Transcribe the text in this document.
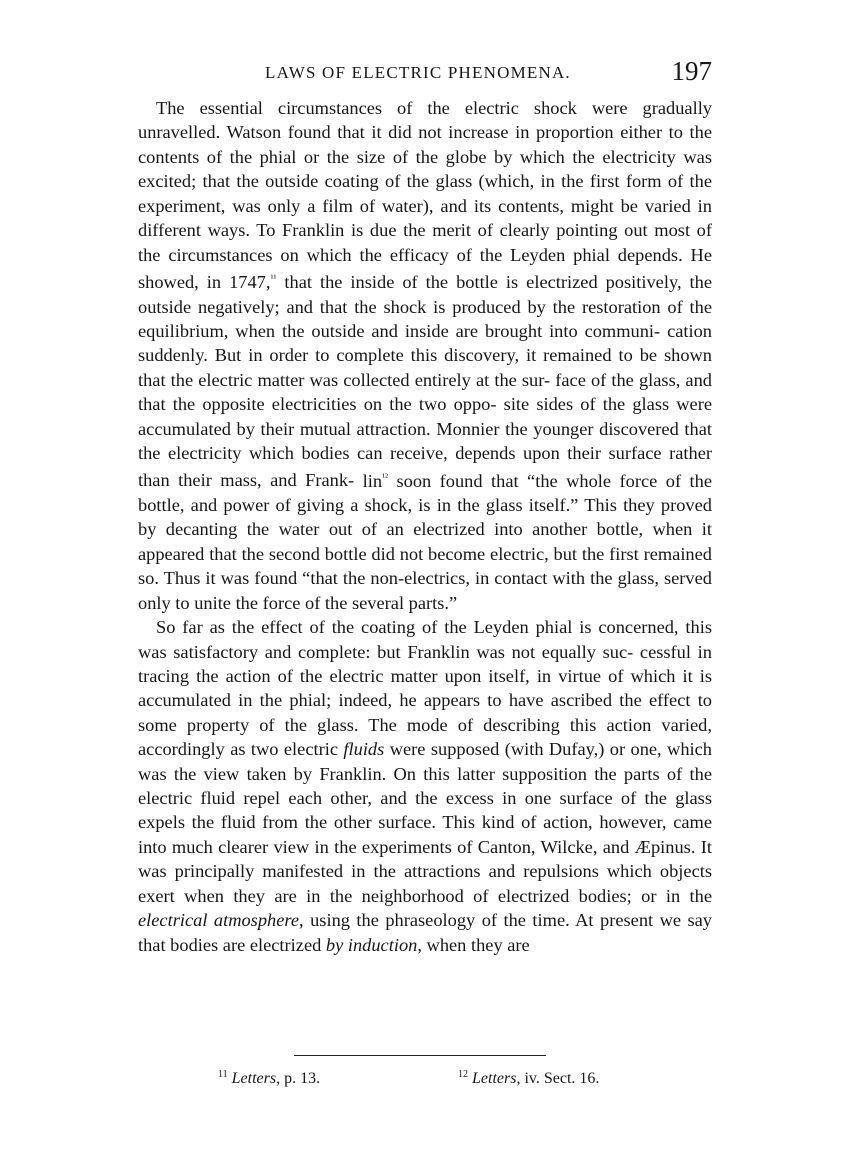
LAWS OF ELECTRIC PHENOMENA.	197

The essential circumstances of the electric shock were gradually unravelled. Watson found that it did not increase in proportion either to the contents of the phial or the size of the globe by which the electricity was excited; that the outside coating of the glass (which, in the first form of the experiment, was only a film of water), and its contents, might be varied in different ways. To Franklin is due the merit of clearly pointing out most of the circumstances on which the efficacy of the Leyden phial depends. He showed, in 1747,$^{^{11}}$ that the inside of the bottle is electrized positively, the outside negatively; and that the shock is produced by the restoration of the equilibrium, when the outside and inside are brought into communi- cation suddenly. But in order to complete this discovery, it remained to be shown that the electric matter was collected entirely at the sur- face of the glass, and that the opposite electricities on the two oppo- site sides of the glass were accumulated by their mutual attraction. Monnier the younger discovered that the electricity which bodies can receive, depends upon their surface rather than their mass, and Frank- lin$^{^{12}}$ soon found that “the whole force of the bottle, and power of giving a shock, is in the glass itself.” This they proved by decanting the water out of an electrized into another bottle, when it appeared that the second bottle did not become electric, but the first remained so. Thus it was found “that the non-electrics, in contact with the glass, served only to unite the force of the several parts.”

So far as the effect of the coating of the Leyden phial is concerned, this was satisfactory and complete: but Franklin was not equally suc- cessful in tracing the action of the electric matter upon itself, in virtue of which it is accumulated in the phial; indeed, he appears to have ascribed the effect to some property of the glass. The mode of describing this action varied, accordingly as two electric fluids were supposed (with Dufay,) or one, which was the view taken by Franklin. On this latter supposition the parts of the electric fluid repel each other, and the excess in one surface of the glass expels the fluid from the other surface. This kind of action, however, came into much clearer view in the experiments of Canton, Wilcke, and Æpinus. It was principally manifested in the attractions and repulsions which objects exert when they are in the neighborhood of electrized bodies; or in the electrical atmosphere, using the phraseology of the time. At present we say that bodies are electrized by induction, when they are

$^{11}$ Letters, p. 13.	$^{12}$ Letters, iv. Sect. 16.
